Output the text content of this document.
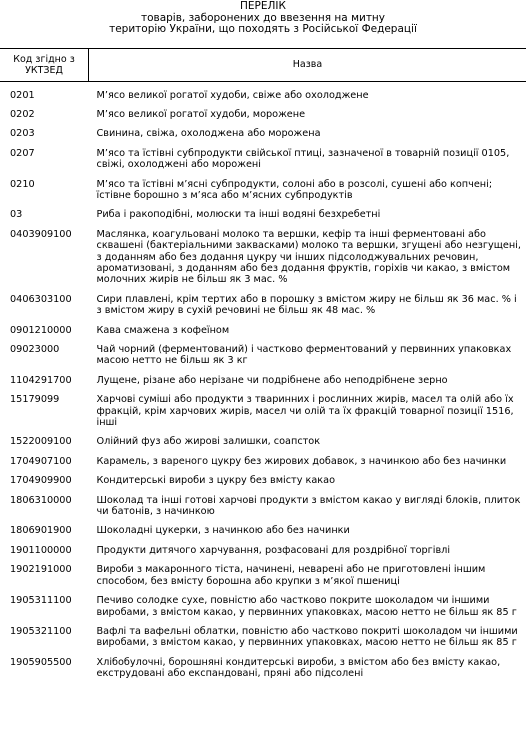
ПЕРЕЛІК
товарів, заборонених до ввезення на митну
територію України, що походять з Російської Федерації
Код згідно з
УКТЗЕД	Назва

0201	М’ясо великої рогатої худоби, свіже або охолоджене

0202	М’ясо великої рогатої худоби, морожене

0203	Свинина, свіжа, охолоджена або морожена

0207	М’ясо та їстівні субпродукти свійської птиці, зазначеної в товарній позиції 0105, свіжі, охолоджені або морожені

0210	М’ясо та їстівні м’ясні субпродукти, солоні або в розсолі, сушені або копчені; їстівне борошно з м’яса або м’ясних субпродуктів

03	Риба і ракоподібні, молюски та інші водяні безхребетні

0403909100	Маслянка, коагульовані молоко та вершки, кефір та інші ферментовані або сквашені (бактеріальними заквасками) молоко та вершки, згущені або незгущені, з доданням або без додання цукру чи інших підсолоджувальних речовин, ароматизовані, з доданням або без додання фруктів, горіхів чи какао, з вмістом молочних жирів не більш як 3 мас. %

0406303100	Сири плавлені, крім тертих або в порошку з вмістом жиру не більш як 36 мас. % і з вмістом жиру в сухій речовині не більш як 48 мас. %

0901210000	Кава смажена з кофеїном

09023000	Чай чорний (ферментований) і частково ферментований у первинних упаковках масою нетто не більш як 3 кг

1104291700	Лущене, різане або нерізане чи подрібнене або неподрібнене зерно

15179099	Харчові суміші або продукти з тваринних і рослинних жирів, масел та олій або їх фракцій, крім харчових жирів, масел чи олій та їх фракцій товарної позиції 1516, інші

1522009100	Олійний фуз або жирові залишки, соапсток

1704907100	Карамель, з вареного цукру без жирових добавок, з начинкою або без начинки

1704909900	Кондитерські вироби з цукру без вмісту какао

1806310000	Шоколад та інші готові харчові продукти з вмістом какао у вигляді блоків, плиток чи батонів, з начинкою

1806901900	Шоколадні цукерки, з начинкою або без начинки

1901100000	Продукти дитячого харчування, розфасовані для роздрібної торгівлі

1902191000	Вироби з макаронного тіста, начинені, неварені або не приготовлені іншим способом, без вмісту борошна або крупки з м’якої пшениці

1905311100	Печиво солодке сухе, повністю або частково покрите шоколадом чи іншими виробами, з вмістом какао, у первинних упаковках, масою нетто не більш як 85 г

1905321100	Вафлі та вафельні облатки, повністю або частково покриті шоколадом чи іншими виробами, з вмістом какао, у первинних упаковках, масою нетто не більш як 85 г

1905905500	Хлібобулочні, борошняні кондитерські вироби, з вмістом або без вмісту какао, екструдовані або експандовані, пряні або підсолені
